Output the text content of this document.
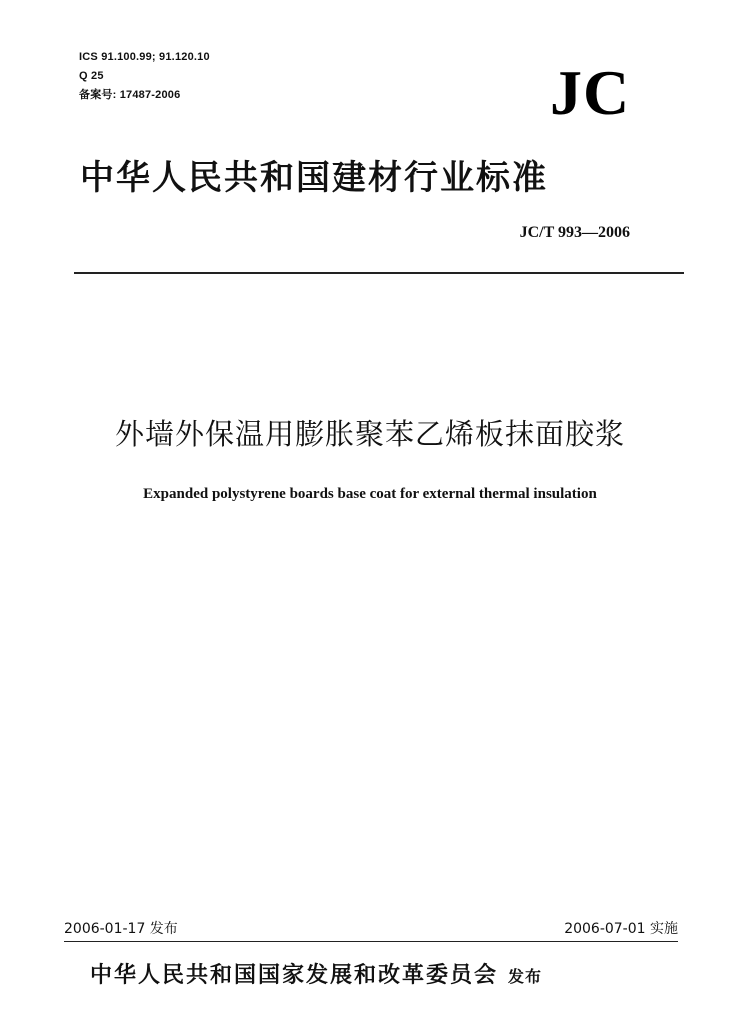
ICS 91.100.99; 91.120.10
Q 25
备案号: 17487-2006	JC
中华人民共和国建材行业标准
JC/T 993—2006
外墙外保温用膨胀聚苯乙烯板抹面胶浆
Expanded polystyrene boards base coat for external thermal insulation
2006-01-17 发布	2006-07-01 实施
中华人民共和国国家发展和改革委员会 发布
